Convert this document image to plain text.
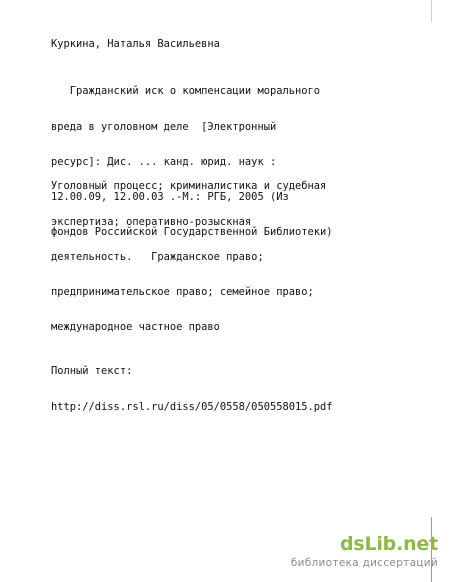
Куркина, Наталья Васильевна

Гражданский иск о компенсации морального

вреда в уголовном деле  [Электронный

ресурс]: Дис. ... канд. юрид. наук :

12.00.09, 12.00.03 .-М.: РГБ, 2005 (Из

фондов Российской Государственной Библиотеки)

Уголовный процесс; криминалистика и судебная

экспертиза; оперативно-розыскная

деятельность.   Гражданское право;

предпринимательское право; семейное право;

международное частное право

Полный текст:

http://diss.rsl.ru/diss/05/0558/050558015.pdf

dsLib.net
библиотека диссертаций
